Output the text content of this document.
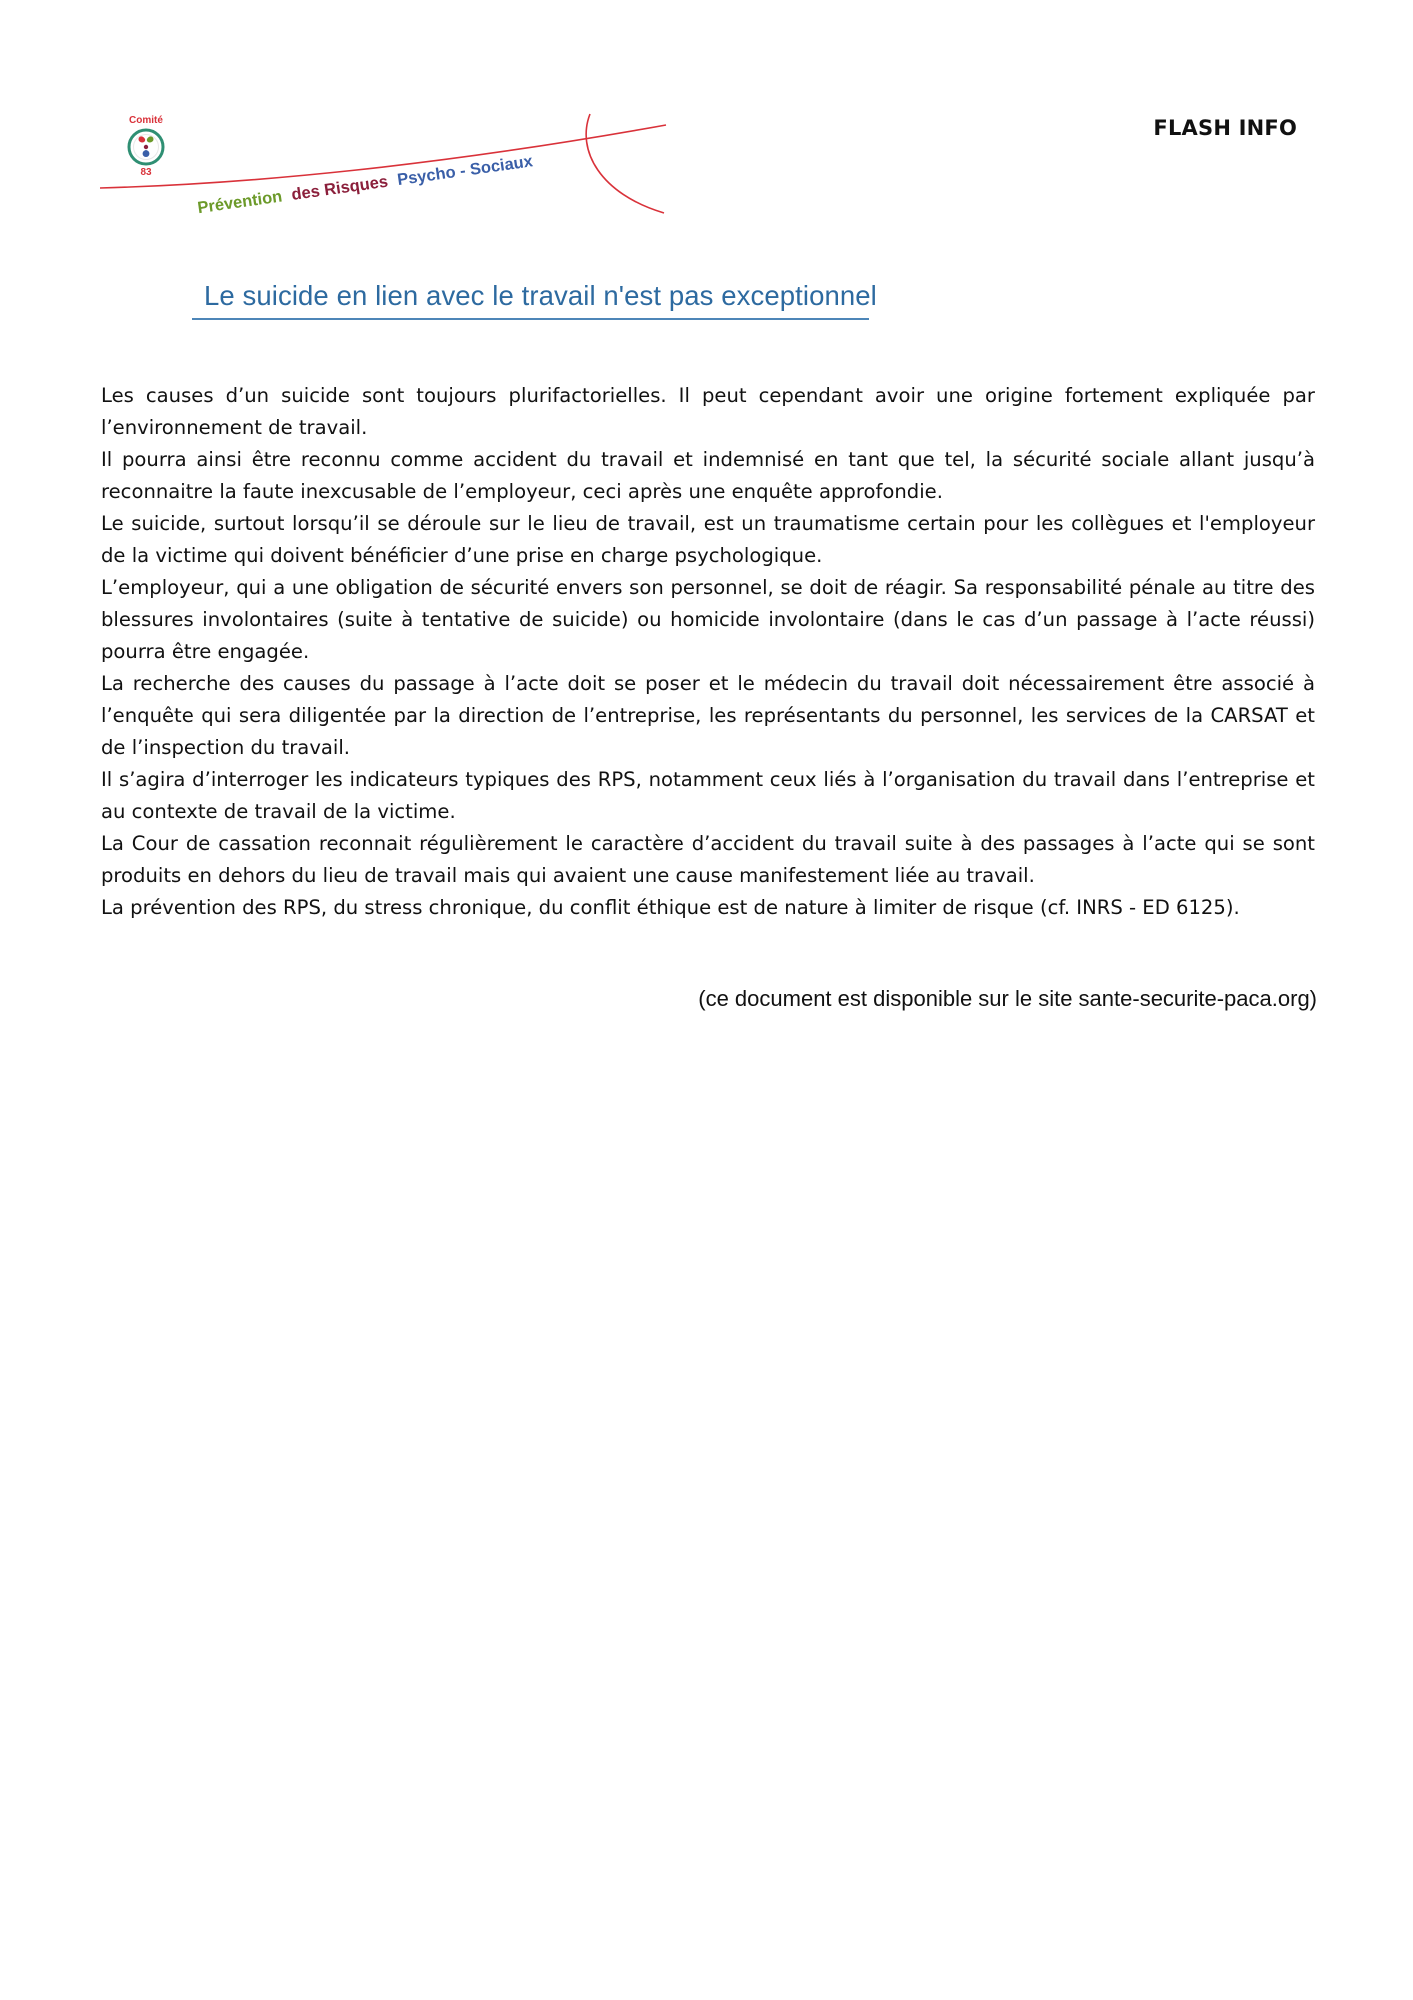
Comité
83
Prévention des Risques Psycho - Sociaux
FLASH INFO
Le suicide en lien avec le travail n'est pas exceptionnel

Les causes d’un suicide sont toujours plurifactorielles. Il peut cependant avoir une origine fortement expliquée par l’environnement de travail.

Il pourra ainsi être reconnu comme accident du travail et indemnisé en tant que tel, la sécurité sociale allant jusqu’à reconnaitre la faute inexcusable de l’employeur, ceci après une enquête approfondie.

Le suicide, surtout lorsqu’il se déroule sur le lieu de travail, est un traumatisme certain pour les collègues et l'employeur de la victime qui doivent bénéficier d’une prise en charge psychologique.

L’employeur, qui a une obligation de sécurité envers son personnel, se doit de réagir. Sa responsabilité pénale au titre des blessures involontaires (suite à tentative de suicide) ou homicide involontaire (dans le cas d’un passage à l’acte réussi) pourra être engagée.

La recherche des causes du passage à l’acte doit se poser et le médecin du travail doit nécessairement être associé à l’enquête qui sera diligentée par la direction de l’entreprise, les représentants du personnel, les services de la CARSAT et de l’inspection du travail.

Il s’agira d’interroger les indicateurs typiques des RPS, notamment ceux liés à l’organisation du travail dans l’entreprise et au contexte de travail de la victime.

La Cour de cassation reconnait régulièrement le caractère d’accident du travail suite à des passages à l’acte qui se sont produits en dehors du lieu de travail mais qui avaient une cause manifestement liée au travail.

La prévention des RPS, du stress chronique, du conflit éthique est de nature à limiter de risque (cf. INRS - ED 6125).

(ce document est disponible sur le site sante-securite-paca.org)
